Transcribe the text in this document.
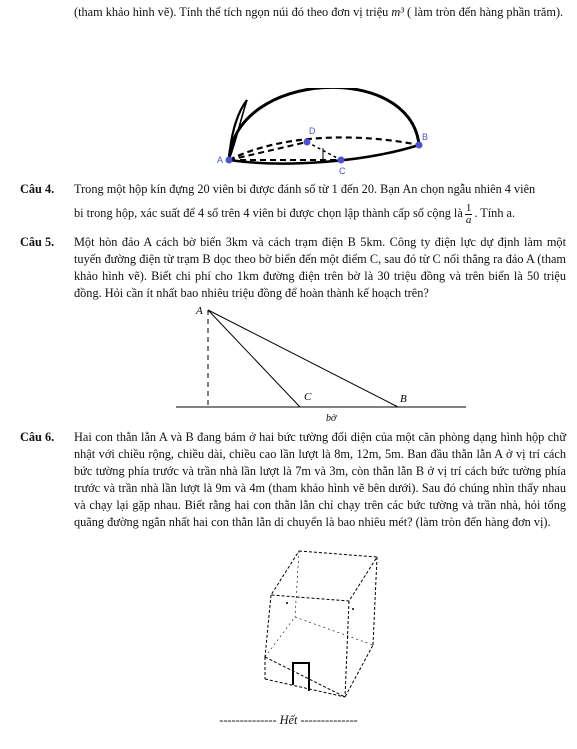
(tham khảo hình vẽ). Tính thể tích ngọn núi đó theo đơn vị triệu m³ ( làm tròn đến hàng phần trăm).
A
B
C
D
Câu 4. Trong một hộp kín đựng 20 viên bi được đánh số từ 1 đến 20. Bạn An chọn ngẫu nhiên 4 viên
bi trong hộp, xác suất để 4 số trên 4 viên bi được chọn lập thành cấp số cộng là $\frac{1}{a}$ . Tính a.
Câu 5. Một hòn đảo A cách bờ biển 3km và cách trạm điện B 5km. Công ty điện lực dự định làm một tuyến đường điện từ trạm B dọc theo bờ biển đến một điểm C, sau đó từ C nối thẳng ra đảo A (tham khảo hình vẽ). Biết chi phí cho 1km đường điện trên bờ là 30 triệu đồng và trên biển là 50 triệu đồng. Hỏi cần ít nhất bao nhiêu triệu đồng để hoàn thành kế hoạch trên?
A
C	B
bờ
Câu 6. Hai con thằn lằn A và B đang bám ở hai bức tường đối diện của một căn phòng dạng hình hộp chữ nhật với chiều rộng, chiều dài, chiều cao lần lượt là 8m, 12m, 5m. Ban đầu thằn lằn A ở vị trí cách bức tường phía trước và trần nhà lần lượt là 7m và 3m, còn thằn lằn B ở vị trí cách bức tường phía trước và trần nhà lần lượt là 9m và 4m (tham khảo hình vẽ bên dưới). Sau đó chúng nhìn thấy nhau và chạy lại gặp nhau. Biết rằng hai con thằn lằn chỉ chạy trên các bức tường và trần nhà, hỏi tổng quãng đường ngắn nhất hai con thằn lằn di chuyển là bao nhiêu mét? (làm tròn đến hàng đơn vị).
-------------- Hết --------------
